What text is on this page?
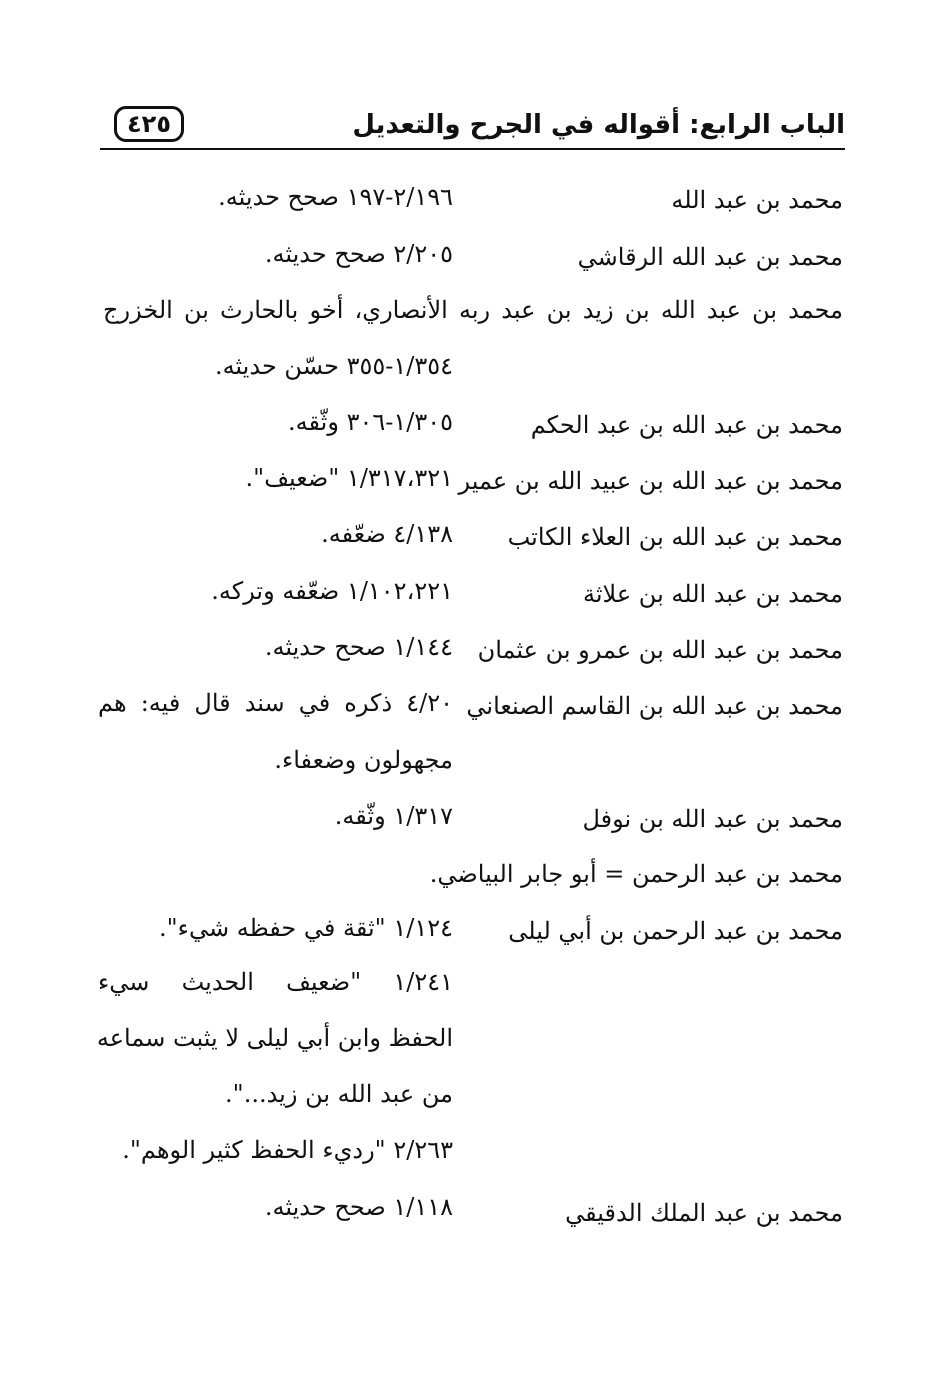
الباب الرابع: أقواله في الجرح والتعديل
٤٢٥
محمد بن عبد الله
٢/١٩٦-١٩٧ صحح حديثه.
محمد بن عبد الله الرقاشي
٢/٢٠٥ صحح حديثه.
محمد بن عبد الله بن زيد بن عبد ربه الأنصاري، أخو بالحارث بن الخزرج
١/٣٥٤-٣٥٥ حسّن حديثه.
محمد بن عبد الله بن عبد الحكم
١/٣٠٥-٣٠٦ وثّقه.
محمد بن عبد الله بن عبيد الله بن عمير
١/٣١٧،٣٢١ "ضعيف".
محمد بن عبد الله بن العلاء الكاتب
٤/١٣٨ ضعّفه.
محمد بن عبد الله بن علاثة
١/١٠٢،٢٢١ ضعّفه وتركه.
محمد بن عبد الله بن عمرو بن عثمان
١/١٤٤ صحح حديثه.
محمد بن عبد الله بن القاسم الصنعاني
٤/٢٠ ذكره في سند قال فيه: هم
مجهولون وضعفاء.
محمد بن عبد الله بن نوفل
١/٣١٧ وثّقه.
محمد بن عبد الرحمن = أبو جابر البياضي.
محمد بن عبد الرحمن بن أبي ليلى
١/١٢٤ "ثقة في حفظه شيء".
١/٢٤١ "ضعيف الحديث سيء
الحفظ وابن أبي ليلى لا يثبت سماعه
من عبد الله بن زيد...".
٢/٢٦٣ "رديء الحفظ كثير الوهم".
محمد بن عبد الملك الدقيقي
١/١١٨ صحح حديثه.
